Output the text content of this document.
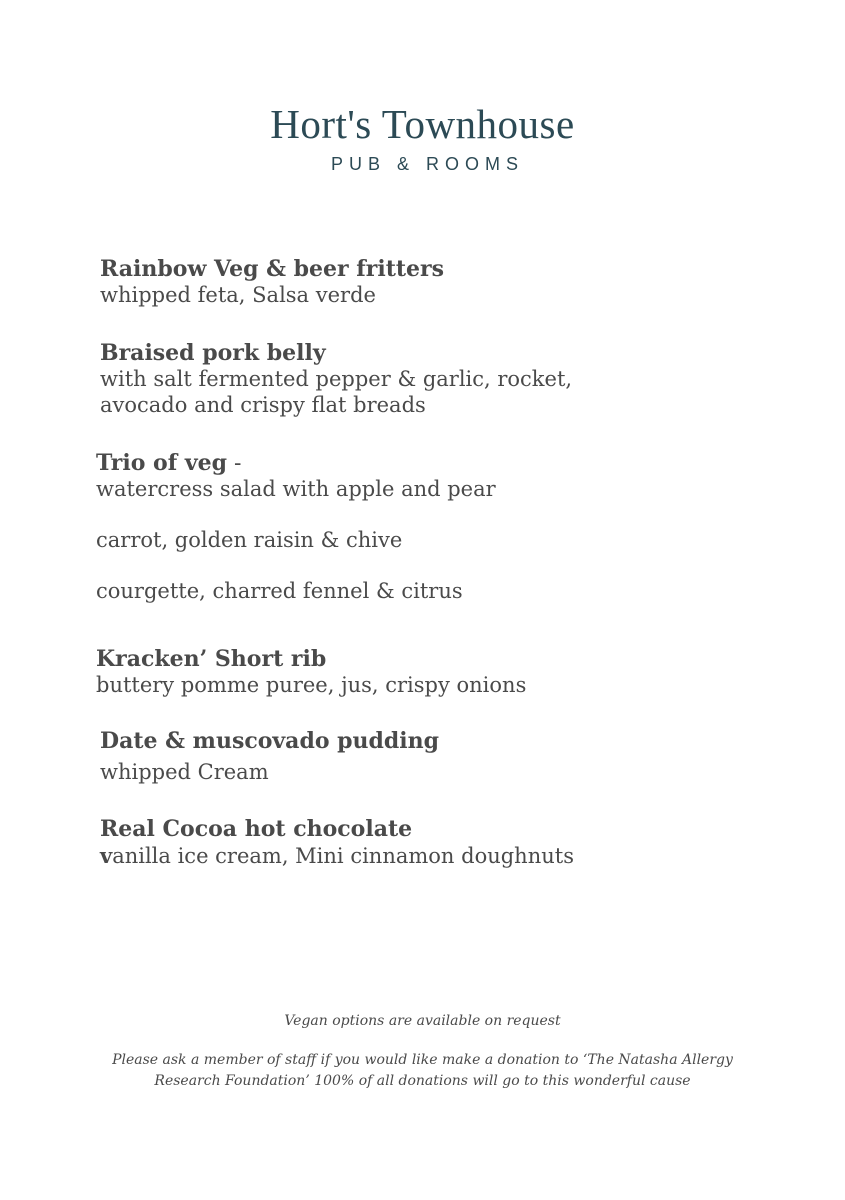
Hort's Townhouse
PUB & ROOMS
Rainbow Veg & beer fritters
whipped feta, Salsa verde
Braised pork belly
with salt fermented pepper & garlic, rocket,
avocado and crispy flat breads
Trio of veg -
watercress salad with apple and pear
carrot, golden raisin & chive
courgette, charred fennel & citrus
Kracken’ Short rib
buttery pomme puree, jus, crispy onions
Date & muscovado pudding
whipped Cream
Real Cocoa hot chocolate
vanilla ice cream, Mini cinnamon doughnuts
Vegan options are available on request
Please ask a member of staff if you would like make a donation to ‘The Natasha Allergy
Research Foundation’ 100% of all donations will go to this wonderful cause
